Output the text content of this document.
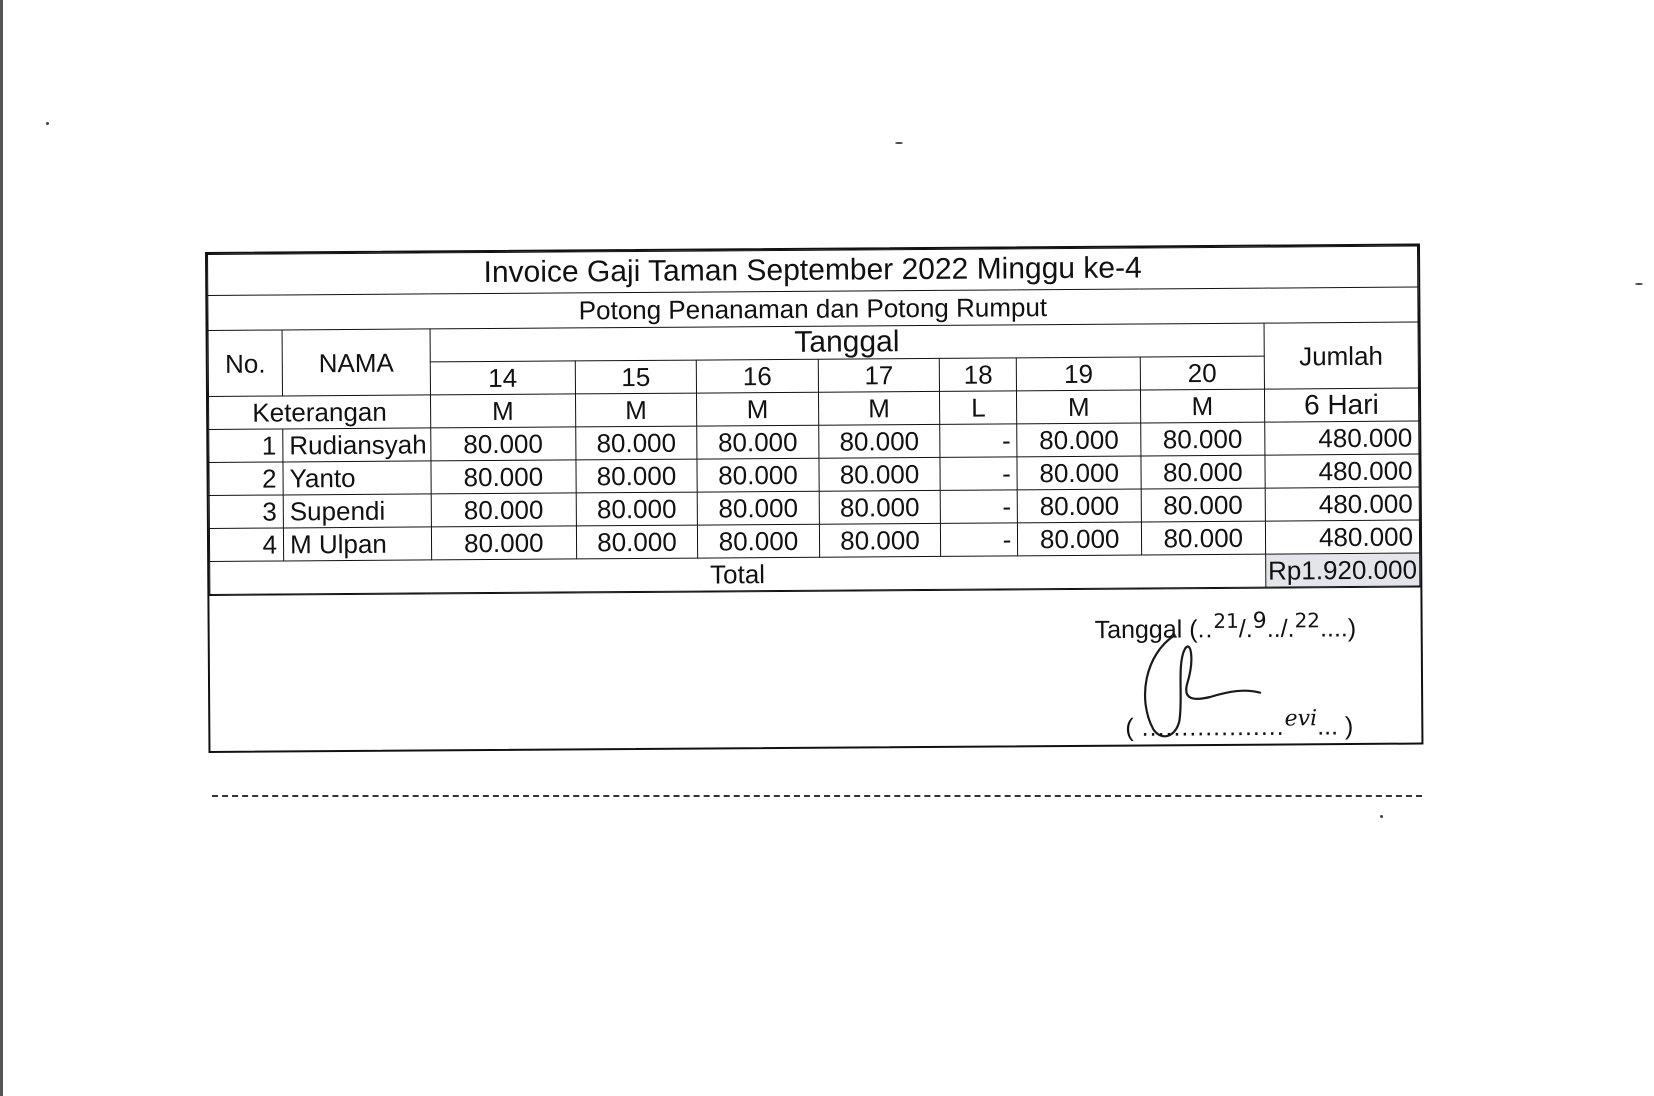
Invoice Gaji Taman September 2022 Minggu ke-4									
Potong Penanaman dan Potong Rumput									
No.	NAMA	Tanggal							Jumlah
		14	15	16	17	18	19	20	
Keterangan		M	M	M	M	L	M	M	6 Hari
1	Rudiansyah	80.000	80.000	80.000	80.000	-	80.000	80.000	480.000
2	Yanto	80.000	80.000	80.000	80.000	-	80.000	80.000	480.000
3	Supendi	80.000	80.000	80.000	80.000	-	80.000	80.000	480.000
4	M Ulpan	80.000	80.000	80.000	80.000	-	80.000	80.000	480.000
Total									Rp1.920.000
Tanggal (..$^{21}$/.9../.$^{22}$....)
( ..................evi... )
